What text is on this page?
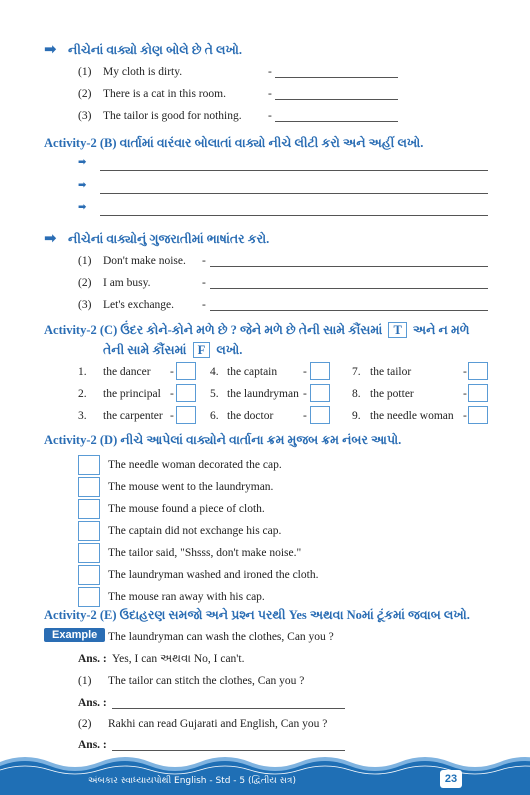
➡ નીચેનાં વાક્યો કોણ બોલે છે તે લખો.
(1) My cloth is dirty.	-
(2) There is a cat in this room.	-
(3) The tailor is good for nothing. -
Activity-2 (B) વાર્તામાં વારંવાર બોલાતાં વાક્યો નીચે લીટી કરો અને અહીં લખો.
➡
➡
➡
➡ નીચેનાં વાક્યોનું ગુજરાતીમાં ભાષાંતર કરો.
(1) Don't make noise. -
(2) I am busy.	-
(3) Let's exchange. -
Activity-2 (C) ઉંદર કોને-કોને મળે છે ? જેને મળે છે તેની સામે કૌંસમાં T અને ન મળે
તેની સામે કૌંસમાં F લખો.
1. the dancer -	4. the captain -	7. the tailor	-
2. the principal -	5. the laundryman -	8. the potter	-
3. the carpenter -	6. the doctor	-	9. the needle woman -
Activity-2 (D) નીચે આપેલાં વાક્યોને વાર્તાના ક્રમ મુજબ ક્રમ નંબર આપો.
The needle woman decorated the cap.
The mouse went to the laundryman.
The mouse found a piece of cloth.
The captain did not exchange his cap.
The tailor said, "Shsss, don't make noise."
The laundryman washed and ironed the cloth.
The mouse ran away with his cap.
Activity-2 (E) ઉદાહરણ સમજો અને પ્રશ્ન પરથી Yes અથવા Noમાં ટૂંકમાં જવાબ લખો.
Example The laundryman can wash the clothes, Can you ?
Ans. : Yes, I can અથવા No, I can't.
(1) The tailor can stitch the clothes, Can you ?
Ans. :
(2) Rakhi can read Gujarati and English, Can you ?
Ans. :
અંબકાર સ્વાધ્યાયપોથી English - Std - 5 (દ્વિતીય સત્ર)	23
